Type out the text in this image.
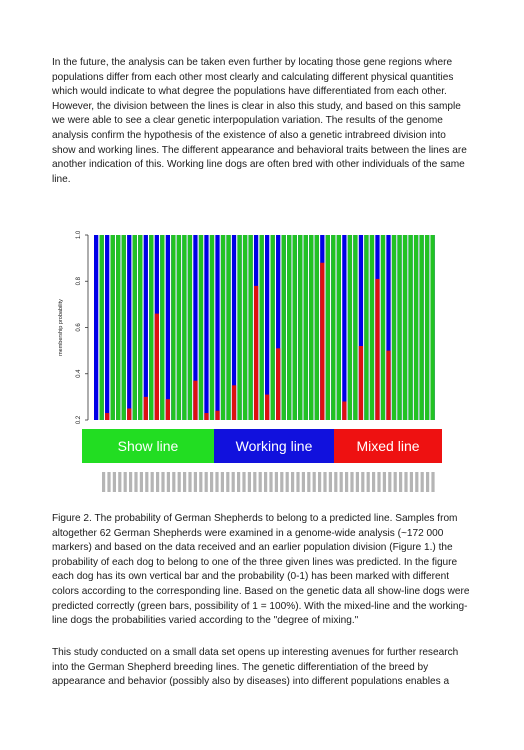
In the future, the analysis can be taken even further by locating those gene regions where populations differ from each other most clearly and calculating different physical quantities which would indicate to what degree the populations have differentiated from each other. However, the division between the lines is clear in also this study, and based on this sample we were able to see a clear genetic interpopulation variation. The results of the genome analysis confirm the hypothesis of the existence of also a genetic intrabreed division into show and working lines. The different appearance and behavioral traits between the lines are another indication of this. Working line dogs are often bred with other individuals of the same line.

0.2
0.4
0.6
0.8
1.0
membership probability
Show line	Working line	Mixed line

Figure 2. The probability of German Shepherds to belong to a predicted line. Samples from altogether 62 German Shepherds were examined in a genome-wide analysis (~172 000 markers) and based on the data received and an earlier population division (Figure 1.) the probability of each dog to belong to one of the three given lines was predicted. In the figure each dog has its own vertical bar and the probability (0-1) has been marked with different colors according to the corresponding line. Based on the genetic data all show-line dogs were predicted correctly (green bars, possibility of 1 = 100%). With the mixed-line and the working-line dogs the probabilities varied according to the "degree of mixing."

This study conducted on a small data set opens up interesting avenues for further research into the German Shepherd breeding lines. The genetic differentiation of the breed by appearance and behavior (possibly also by diseases) into different populations enables a
